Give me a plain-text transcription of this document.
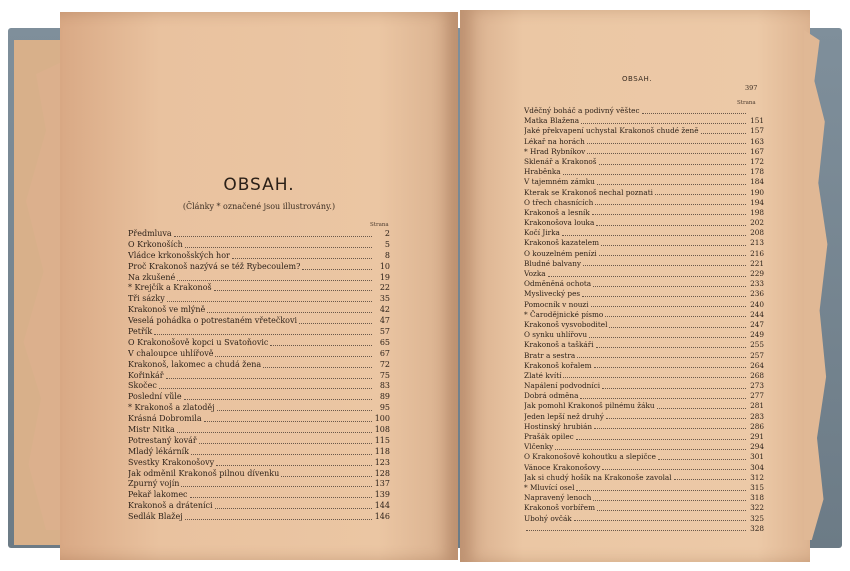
OBSAH.
(Články * označené jsou illustrovány.)
Strana
Předmluva	2
O Krkonoších	5
Vládce krkonošských hor	8
Proč Krakonoš nazývá se též Rybecoulem?	10
Na zkušené	19
* Krejčík a Krakonoš	22
Tři sázky	35
Krakonoš ve mlýně	42
Veselá pohádka o potrestaném vřetečkovi	47
Petřík	57
O Krakonošově kopci u Svatoňovic	65
V chaloupce uhlířově	67
Krakonoš, lakomec a chudá žena	72
Kořinkář	75
Skočec	83
Poslední vůle	89
* Krakonoš a zlatoděj	95
Krásná Dobromila	100
Mistr Nitka	108
Potrestaný kovář	115
Mladý lékárník	118
Švestky Krakonošovy	123
Jak odměnil Krakonoš pilnou dívenku	128
Zpurný vojín	137
Pekař lakomec	139
Krakonoš a dráteníci	144
Sedlák Blažej	146
OBSAH.
397
Strana
Vděčný boháč a podivný věštec
Matka Blažena	151
Jaké překvapení uchystal Krakonoš chudé ženě	157
Lékař na horách	163
* Hrad Rybníkov	167
Sklenář a Krakonoš	172
Hraběnka	178
V tajemném zámku	184
Kterak se Krakonoš nechal poznati	190
O třech chasnících	194
Krakonoš a lesník	198
Krakonošova louka	202
Kočí Jirka	208
Krakonoš kazatelem	213
O kouzelném penízi	216
Bludné balvany	221
Vozka	229
Odměněná ochota	233
Myslivecký pes	236
Pomocník v nouzi	240
* Čarodějnické písmo	244
Krakonoš vysvoboditel	247
O synku uhlířovu	249
Krakonoš a taškáři	255
Bratr a sestra	257
Krakonoš kořalem	264
Zlaté kvítí	268
Napálení podvodníci	273
Dobrá odměna	277
Jak pomohl Krakonoš pilnému žáku	281
Jeden lepší než druhý	283
Hostinský hrubián	286
Prašák opilec	291
Vlčenky	294
O Krakonošově kohoutku a slepičce	301
Vánoce Krakonošovy	304
Jak si chudý hošík na Krakonoše zavolal	312
* Mluvící osel	315
Napravený lenoch	318
Krakonoš vorbířem	322
Ubohý ovčák	325
328
